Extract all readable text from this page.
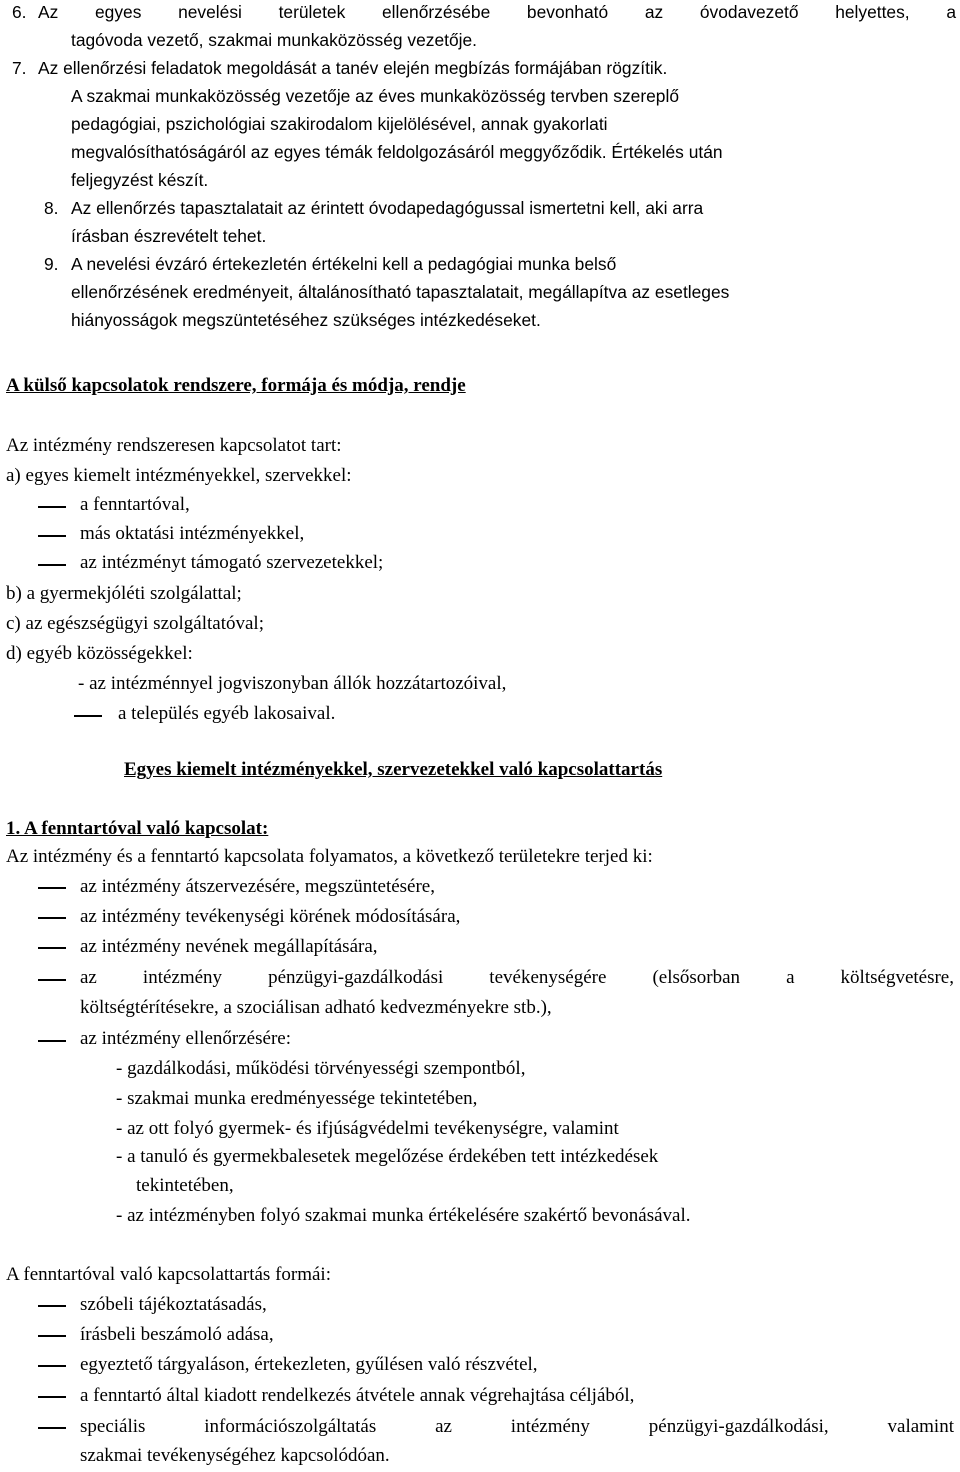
6. Az egyes nevelési területek ellenőrzésébe bevonható az óvodavezető helyettes, a
tagóvoda vezető, szakmai munkaközösség vezetője.
7. Az ellenőrzési feladatok megoldását a tanév elején megbízás formájában rögzítik.
A szakmai munkaközösség vezetője az éves munkaközösség tervben szereplő
pedagógiai, pszichológiai szakirodalom kijelölésével, annak gyakorlati
megvalósíthatóságáról az egyes témák feldolgozásáról meggyőződik. Értékelés után
feljegyzést készít.
8. Az ellenőrzés tapasztalatait az érintett óvodapedagógussal ismertetni kell, aki arra
írásban észrevételt tehet.
9. A nevelési évzáró értekezletén értékelni kell a pedagógiai munka belső
ellenőrzésének eredményeit, általánosítható tapasztalatait, megállapítva az esetleges
hiányosságok megszüntetéséhez szükséges intézkedéseket.
A külső kapcsolatok rendszere, formája és módja, rendje
Az intézmény rendszeresen kapcsolatot tart:
a) egyes kiemelt intézményekkel, szervekkel:
a fenntartóval,
más oktatási intézményekkel,
az intézményt támogató szervezetekkel;
b) a gyermekjóléti szolgálattal;
c) az egészségügyi szolgáltatóval;
d) egyéb közösségekkel:
- az intézménnyel jogviszonyban állók hozzátartozóival,
a település egyéb lakosaival.
Egyes kiemelt intézményekkel, szervezetekkel való kapcsolattartás
1. A fenntartóval való kapcsolat:
Az intézmény és a fenntartó kapcsolata folyamatos, a következő területekre terjed ki:
az intézmény átszervezésére, megszüntetésére,
az intézmény tevékenységi körének módosítására,
az intézmény nevének megállapítására,
az intézmény pénzügyi-gazdálkodási tevékenységére (elsősorban a költségvetésre,
költségtérítésekre, a szociálisan adható kedvezményekre stb.),
az intézmény ellenőrzésére:
- gazdálkodási, működési törvényességi szempontból,
- szakmai munka eredményessége tekintetében,
- az ott folyó gyermek- és ifjúságvédelmi tevékenységre, valamint
- a tanuló és gyermekbalesetek megelőzése érdekében tett intézkedések
tekintetében,
- az intézményben folyó szakmai munka értékelésére szakértő bevonásával.
A fenntartóval való kapcsolattartás formái:
szóbeli tájékoztatásadás,
írásbeli beszámoló adása,
egyeztető tárgyaláson, értekezleten, gyűlésen való részvétel,
a fenntartó által kiadott rendelkezés átvétele annak végrehajtása céljából,
speciális információszolgáltatás az intézmény pénzügyi-gazdálkodási, valamint
szakmai tevékenységéhez kapcsolódóan.
